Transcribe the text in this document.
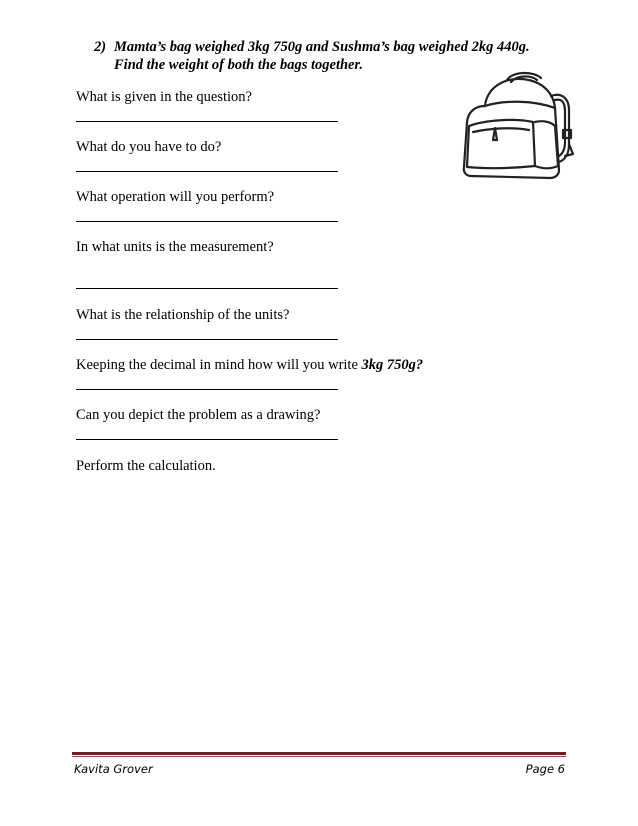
2) Mamta’s bag weighed 3kg 750g and Sushma’s bag weighed 2kg 440g.
Find the weight of both the bags together.
What is given in the question?
What do you have to do?
What operation will you perform?
In what units is the measurement?
What is the relationship of the units?
Keeping the decimal in mind how will you write 3kg 750g?
Can you depict the problem as a drawing?
Perform the calculation.
Kavita Grover	Page 6
